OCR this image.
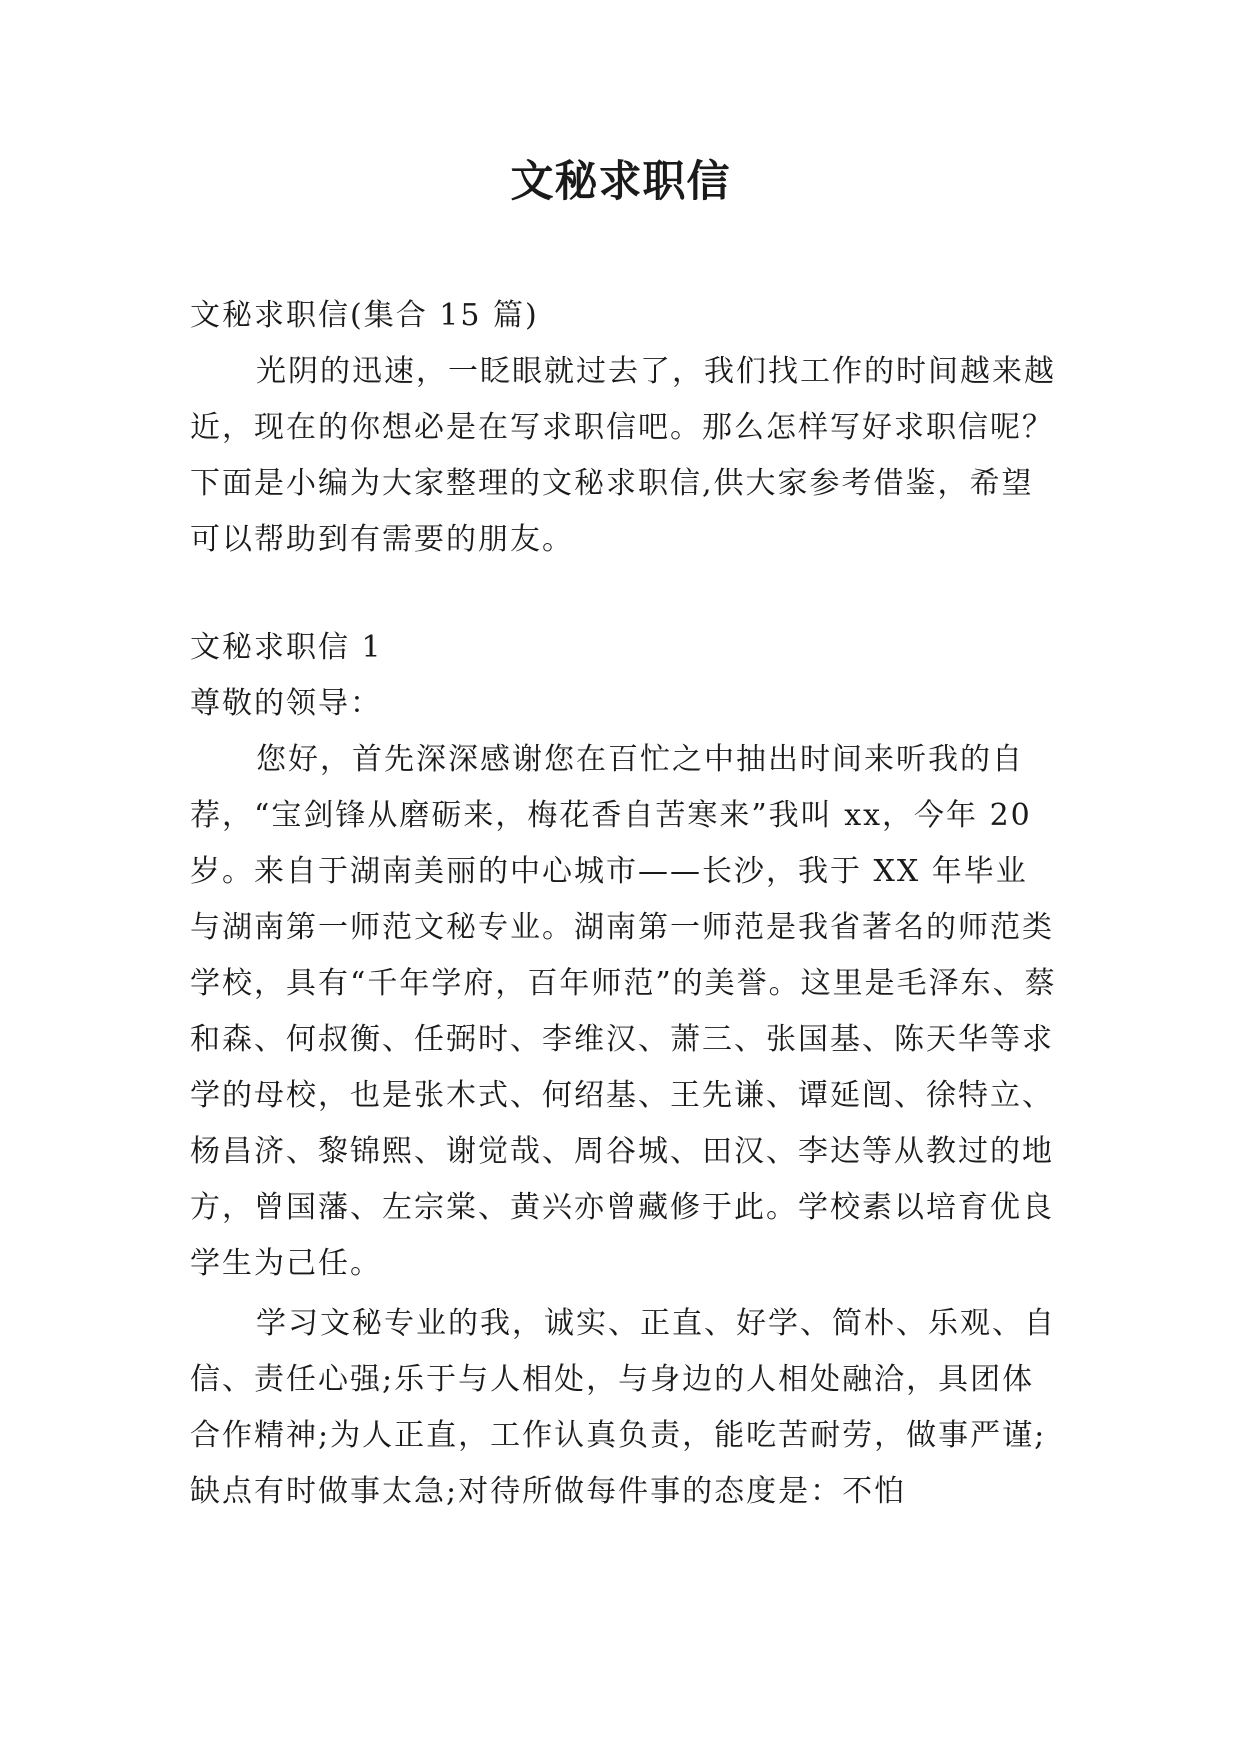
文秘求职信

文秘求职信(集合 15 篇)

光阴的迅速，一眨眼就过去了，我们找工作的时间越来越近，现在的你想必是在写求职信吧。那么怎样写好求职信呢？下面是小编为大家整理的文秘求职信,供大家参考借鉴，希望可以帮助到有需要的朋友。

文秘求职信 1

尊敬的领导：

您好，首先深深感谢您在百忙之中抽出时间来听我的自荐，“宝剑锋从磨砺来，梅花香自苦寒来”我叫 xx，今年 20 岁。来自于湖南美丽的中心城市——长沙，我于 XX 年毕业与湖南第一师范文秘专业。湖南第一师范是我省著名的师范类学校，具有“千年学府，百年师范”的美誉。这里是毛泽东、蔡和森、何叔衡、任弼时、李维汉、萧三、张国基、陈天华等求学的母校，也是张木式、何绍基、王先谦、谭延闿、徐特立、杨昌济、黎锦熙、谢觉哉、周谷城、田汉、李达等从教过的地方，曾国藩、左宗棠、黄兴亦曾藏修于此。学校素以培育优良学生为己任。

学习文秘专业的我，诚实、正直、好学、简朴、乐观、自信、责任心强;乐于与人相处，与身边的人相处融洽，具团体合作精神;为人正直，工作认真负责，能吃苦耐劳，做事严谨;缺点有时做事太急;对待所做每件事的态度是：不怕
